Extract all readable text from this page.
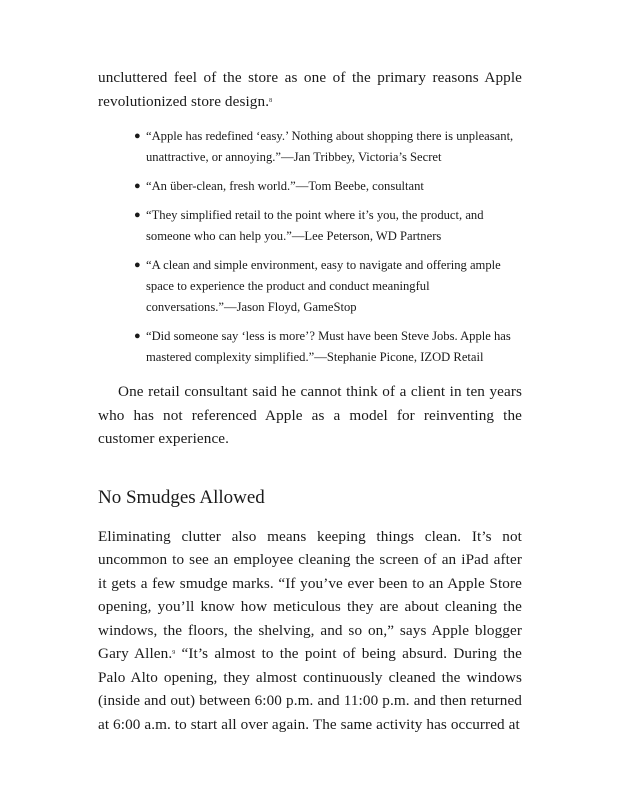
uncluttered feel of the store as one of the primary reasons Apple revolutionized store design.$^8$

● “Apple has redefined ‘easy.’ Nothing about shopping there is unpleasant, unattractive, or annoying.”—Jan Tribbey, Victoria’s Secret
● “An über-clean, fresh world.”—Tom Beebe, consultant
● “They simplified retail to the point where it’s you, the product, and someone who can help you.”—Lee Peterson, WD Partners
● “A clean and simple environment, easy to navigate and offering ample space to experience the product and conduct meaningful conversations.”—Jason Floyd, GameStop
● “Did someone say ‘less is more’? Must have been Steve Jobs. Apple has mastered complexity simplified.”—Stephanie Picone, IZOD Retail

One retail consultant said he cannot think of a client in ten years who has not referenced Apple as a model for reinventing the customer experience.

No Smudges Allowed

Eliminating clutter also means keeping things clean. It’s not uncommon to see an employee cleaning the screen of an iPad after it gets a few smudge marks. “If you’ve ever been to an Apple Store opening, you’ll know how meticulous they are about cleaning the windows, the floors, the shelving, and so on,” says Apple blogger Gary Allen.$^9$ “It’s almost to the point of being absurd. During the Palo Alto opening, they almost continuously cleaned the windows (inside and out) between 6:00 p.m. and 11:00 p.m. and then returned at 6:00 a.m. to start all over again. The same activity has occurred at
